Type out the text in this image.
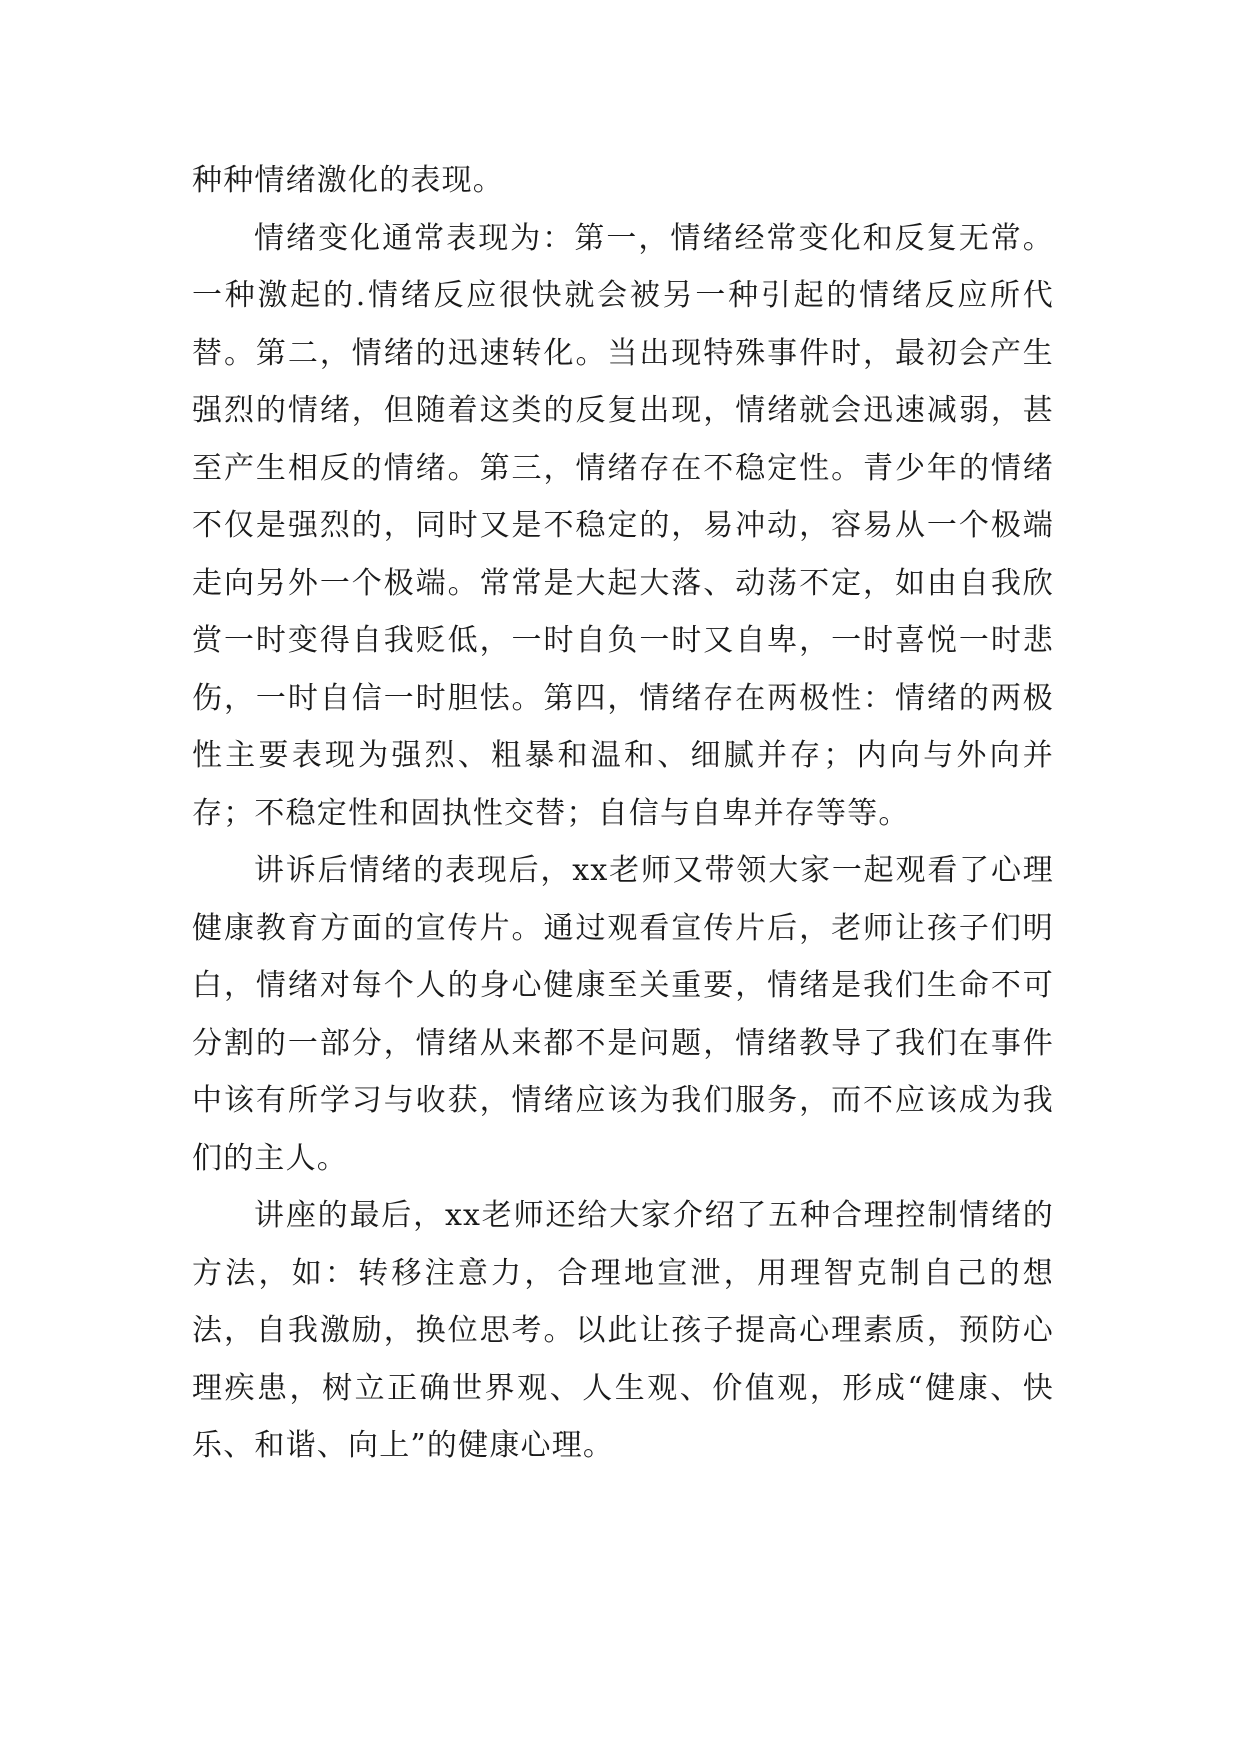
种种情绪激化的表现。

情绪变化通常表现为：第一，情绪经常变化和反复无常。一种激起的.情绪反应很快就会被另一种引起的情绪反应所代替。第二，情绪的迅速转化。当出现特殊事件时，最初会产生强烈的情绪，但随着这类的反复出现，情绪就会迅速减弱，甚至产生相反的情绪。第三，情绪存在不稳定性。青少年的情绪不仅是强烈的，同时又是不稳定的，易冲动，容易从一个极端走向另外一个极端。常常是大起大落、动荡不定，如由自我欣赏一时变得自我贬低，一时自负一时又自卑，一时喜悦一时悲伤，一时自信一时胆怯。第四，情绪存在两极性：情绪的两极性主要表现为强烈、粗暴和温和、细腻并存；内向与外向并存；不稳定性和固执性交替；自信与自卑并存等等。

讲诉后情绪的表现后，xx老师又带领大家一起观看了心理健康教育方面的宣传片。通过观看宣传片后，老师让孩子们明白，情绪对每个人的身心健康至关重要，情绪是我们生命不可分割的一部分，情绪从来都不是问题，情绪教导了我们在事件中该有所学习与收获，情绪应该为我们服务，而不应该成为我们的主人。

讲座的最后，xx老师还给大家介绍了五种合理控制情绪的方法，如：转移注意力，合理地宣泄，用理智克制自己的想法，自我激励，换位思考。以此让孩子提高心理素质，预防心理疾患，树立正确世界观、人生观、价值观，形成“健康、快乐、和谐、向上”的健康心理。
